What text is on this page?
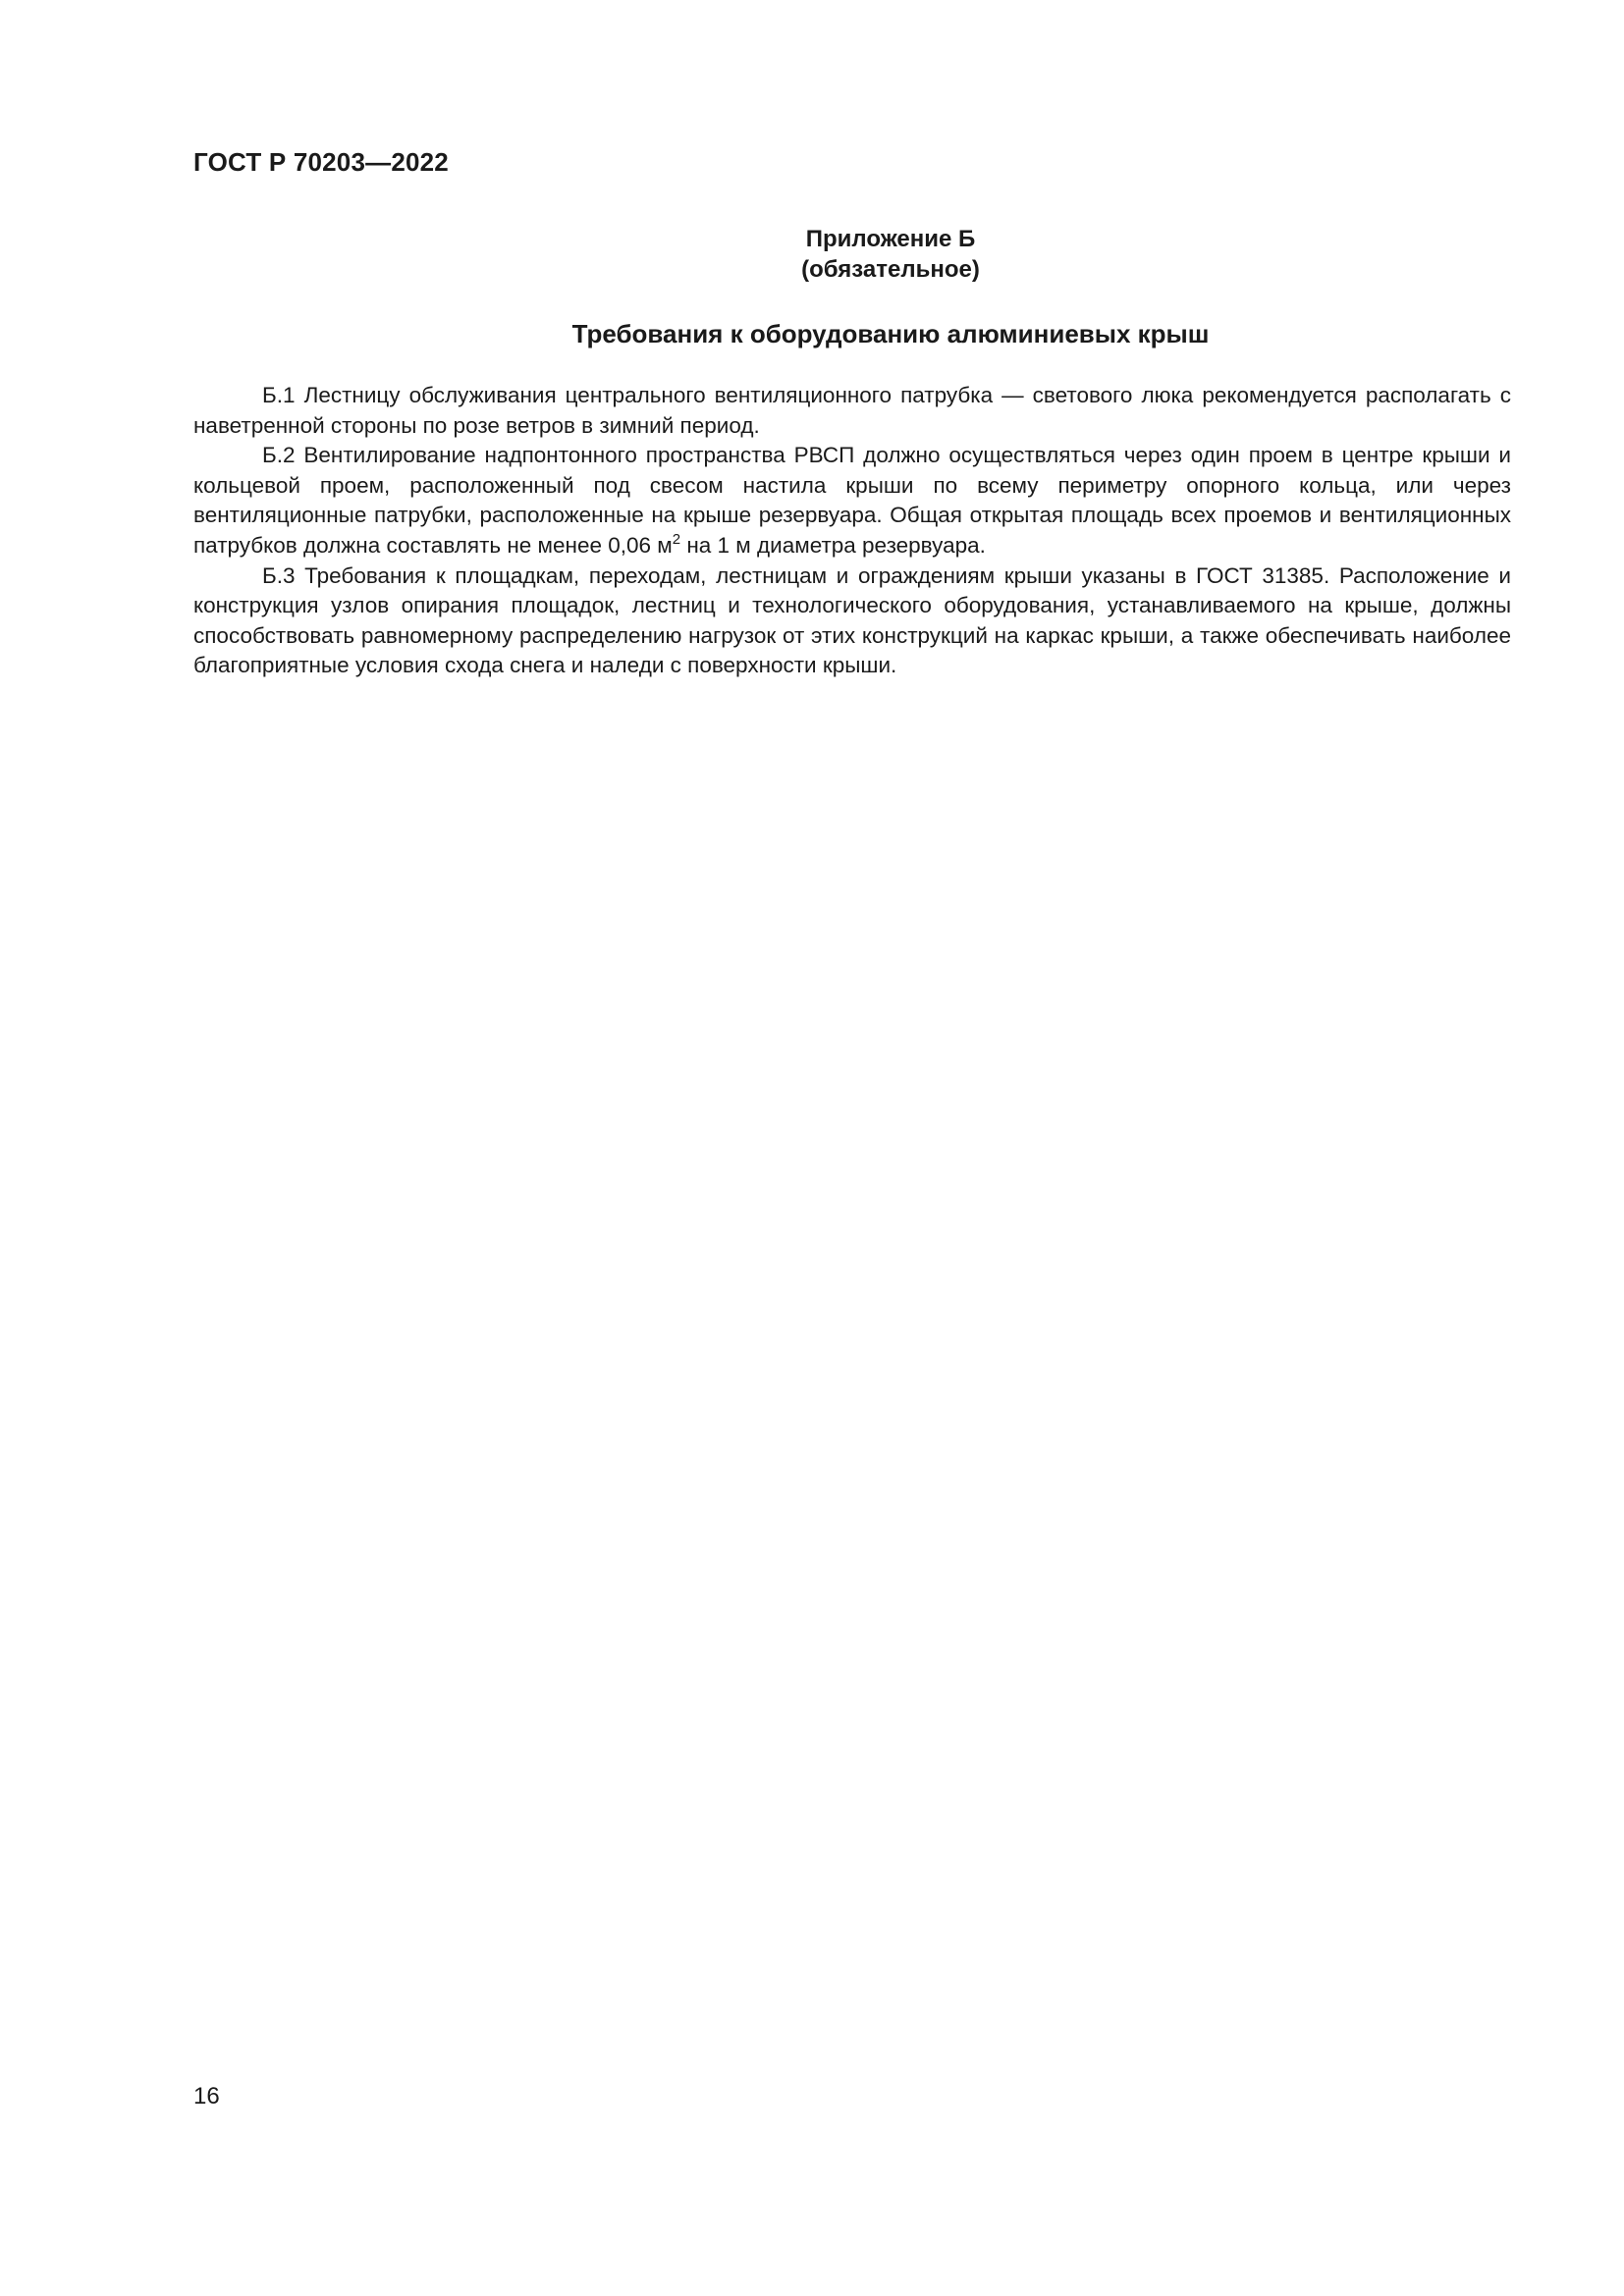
ГОСТ Р 70203—2022
Приложение Б
(обязательное)
Требования к оборудованию алюминиевых крыш

Б.1 Лестницу обслуживания центрального вентиляционного патрубка — светового люка рекомендуется располагать с наветренной стороны по розе ветров в зимний период.

Б.2 Вентилирование надпонтонного пространства РВСП должно осуществляться через один проем в центре крыши и кольцевой проем, расположенный под свесом настила крыши по всему периметру опорного кольца, или через вентиляционные патрубки, расположенные на крыше резервуара. Общая открытая площадь всех проемов и вентиляционных патрубков должна составлять не менее 0,06 $м^2$ на 1 м диаметра резервуара.

Б.3 Требования к площадкам, переходам, лестницам и ограждениям крыши указаны в ГОСТ 31385. Расположение и конструкция узлов опирания площадок, лестниц и технологического оборудования, устанавливаемого на крыше, должны способствовать равномерному распределению нагрузок от этих конструкций на каркас крыши, а также обеспечивать наиболее благоприятные условия схода снега и наледи с поверхности крыши.

16
